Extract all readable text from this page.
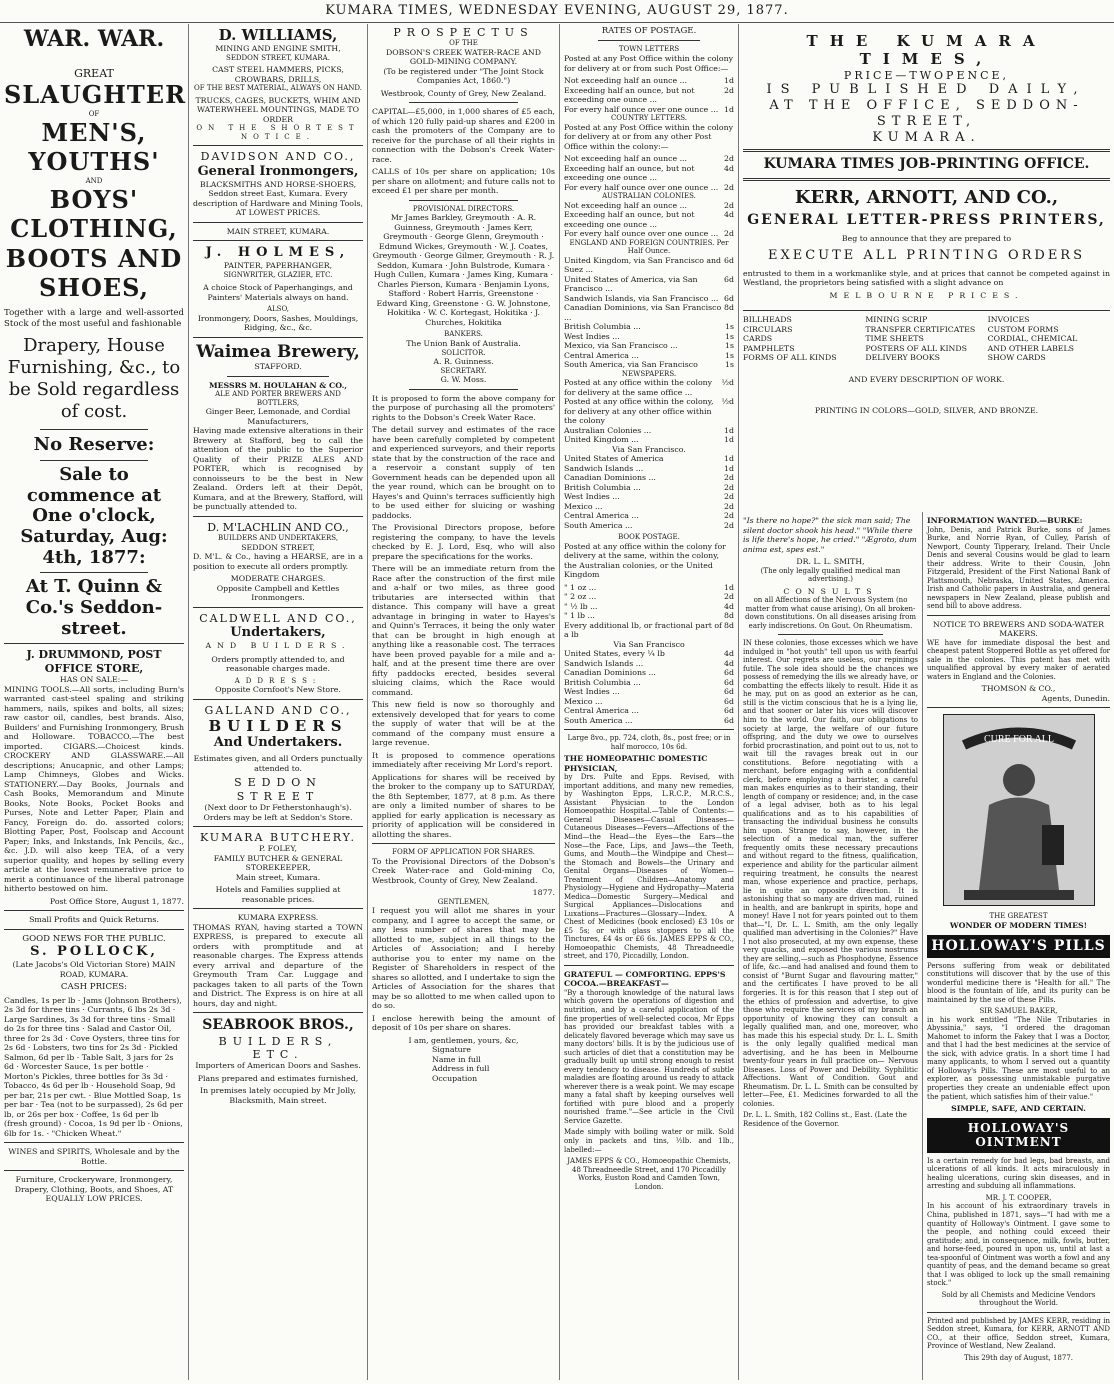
KUMARA TIMES, WEDNESDAY EVENING, AUGUST 29, 1877.
WAR. WAR.
GREAT
SLAUGHTER
OF
MEN'S,
YOUTHS'
AND
BOYS'
CLOTHING,
BOOTS AND
SHOES,

Together with a large and well-assorted Stock of the most useful and fashionable

Drapery, House Furnishing, &c., to be Sold regardless of cost.
No Reserve:
Sale to commence at One o'clock, Saturday, Aug: 4th, 1877:
At T. Quinn & Co.'s Seddon-street.
J. DRUMMOND, POST OFFICE STORE,
HAS ON SALE:—

MINING TOOLS.—All sorts, including Burn's warranted cast-steel spaling and striking hammers, nails, spikes and bolts, all sizes; raw castor oil, candles, best brands. Also, Builders' and Furnishing Ironmongery, Brush and Holloware. TOBACCO.—The best imported. CIGARS.—Choicest kinds. CROCKERY AND GLASSWARE.—All descriptions; Anucapnic, and other Lamps; Lamp Chimneys, Globes and Wicks. STATIONERY.—Day Books, Journals and Cash Books, Memorandum and Minute Books, Note Books, Pocket Books and Purses, Note and Letter Paper, Plain and Fancy, Foreign do. do. assorted colors; Blotting Paper, Post, Foolscap and Account Paper; Inks, and Inkstands, Ink Pencils, &c., &c. J.D. will also keep TEA, of a very superior quality, and hopes by selling every article at the lowest remunerative price to merit a continuance of the liberal patronage hitherto bestowed on him.

Post Office Store, August 1, 1877.

Small Profits and Quick Returns.
GOOD NEWS FOR THE PUBLIC.
S. POLLOCK,
(Late Jacobs's Old Victorian Store) MAIN ROAD, KUMARA.
CASH PRICES:

Candles, 1s per lb · Jams (Johnson Brothers), 2s 3d for three tins · Currants, 6 lbs 2s 3d · Large Sardines, 3s 3d for three tins · Small do 2s for three tins · Salad and Castor Oil, three for 2s 3d · Cove Oysters, three tins for 2s 6d · Lobsters, two tins for 2s 3d · Pickled Salmon, 6d per lb · Table Salt, 3 jars for 2s 6d · Worcester Sauce, 1s per bottle · Morton's Pickles, three bottles for 3s 3d · Tobacco, 4s 6d per lb · Household Soap, 9d per bar, 21s per cwt. · Blue Mottled Soap, 1s per bar · Tea (not to be surpassed), 2s 6d per lb, or 26s per box · Coffee, 1s 6d per lb (fresh ground) · Cocoa, 1s 9d per lb · Onions, 6lb for 1s. · "Chicken Wheat."

WINES and SPIRITS, Wholesale and by the Bottle.
Furniture, Crockeryware, Ironmongery, Drapery, Clothing, Boots, and Shoes, AT EQUALLY LOW PRICES.
D. WILLIAMS,
MINING AND ENGINE SMITH,
SEDDON STREET, KUMARA.
CAST STEEL HAMMERS, PICKS, CROWBARS, DRILLS,
OF THE BEST MATERIAL, ALWAYS ON HAND.
TRUCKS, CAGES, BUCKETS, WHIM AND WATERWHEEL MOUNTINGS, MADE TO ORDER
ON THE SHORTEST NOTICE.
DAVIDSON AND CO.,
General Ironmongers,
BLACKSMITHS AND HORSE-SHOERS,
Seddon street East, Kumara. Every description of Hardware and Mining Tools,
AT LOWEST PRICES.
MAIN STREET, KUMARA.
J. HOLMES,
PAINTER, PAPERHANGER,
SIGNWRITER, GLAZIER, ETC.

A choice Stock of Paperhangings, and Painters' Materials always on hand.

ALSO,

Ironmongery, Doors, Sashes, Mouldings, Ridging, &c., &c.

Waimea Brewery,
STAFFORD.
MESSRS M. HOULAHAN & CO.,
ALE AND PORTER BREWERS AND BOTTLERS,
Ginger Beer, Lemonade, and Cordial Manufacturers,

Having made extensive alterations in their Brewery at Stafford, beg to call the attention of the public to the Superior Quality of their PRIZE ALES AND PORTER, which is recognised by connoisseurs to be the best in New Zealand. Orders left at their Depôt, Kumara, and at the Brewery, Stafford, will be punctually attended to.

D. M'LACHLIN AND CO.,
BUILDERS AND UNDERTAKERS,
SEDDON STREET,

D. M'L. & Co., having a HEARSE, are in a position to execute all orders promptly.

MODERATE CHARGES.

Opposite Campbell and Kettles Ironmongers.

CALDWELL AND CO.,
Undertakers,
AND BUILDERS.

Orders promptly attended to, and reasonable charges made.

ADDRESS:
Opposite Cornfoot's New Store.
GALLAND AND CO.,
BUILDERS
And Undertakers.

Estimates given, and all Orders punctually attended to.

SEDDON STREET
(Next door to Dr Fetherstonhaugh's).
Orders may be left at Seddon's Store.
KUMARA BUTCHERY.
P. FOLEY,
FAMILY BUTCHER & GENERAL STOREKEEPER,
Main street, Kumara.

Hotels and Families supplied at reasonable prices.

KUMARA EXPRESS.

THOMAS RYAN, having started a TOWN EXPRESS, is prepared to execute all orders with promptitude and at reasonable charges. The Express attends every arrival and departure of the Greymouth Tram Car. Luggage and packages taken to all parts of the Town and District. The Express is on hire at all hours, day and night.

SEABROOK BROS.,
BUILDERS, ETC.
Importers of American Doors and Sashes.
Plans prepared and estimates furnished,
In premises lately occupied by Mr Jolly, Blacksmith, Main street.
PROSPECTUS
OF THE
DOBSON'S CREEK WATER-RACE AND GOLD-MINING COMPANY.

(To be registered under "The Joint Stock Companies Act, 1860.")

Westbrook, County of Grey, New Zealand.

CAPITAL—£5,000, in 1,000 shares of £5 each, of which 120 fully paid-up shares and £200 in cash the promoters of the Company are to receive for the purchase of all their rights in connection with the Dobson's Creek Water-race.

CALLS of 10s per share on application; 10s per share on allotment; and future calls not to exceed £1 per share per month.

PROVISIONAL DIRECTORS.

Mr James Barkley, Greymouth · A. R. Guinness, Greymouth · James Kerr, Greymouth · George Glenn, Greymouth · Edmund Wickes, Greymouth · W. J. Coates, Greymouth · George Gilmer, Greymouth · R. J. Seddon, Kumara · John Bulstrode, Kumara · Hugh Cullen, Kumara · James King, Kumara · Charles Pierson, Kumara · Benjamin Lyons, Stafford · Robert Harris, Greenstone · Edward King, Greenstone · G. W. Johnstone, Hokitika · W. C. Kortegast, Hokitika · J. Churches, Hokitika

BANKERS.
The Union Bank of Australia.
SOLICITOR.
A. R. Guinness.
SECRETARY.
G. W. Moss.

It is proposed to form the above company for the purpose of purchasing all the promoters' rights to the Dobson's Creek Water Race.

The detail survey and estimates of the race have been carefully completed by competent and experienced surveyors, and their reports state that by the construction of the race and a reservoir a constant supply of ten Government heads can be depended upon all the year round, which can be brought on to Hayes's and Quinn's terraces sufficiently high to be used either for sluicing or washing paddocks.

The Provisional Directors propose, before registering the company, to have the levels checked by E. J. Lord, Esq, who will also prepare the specifications for the works.

There will be an immediate return from the Race after the construction of the first mile and a-half or two miles, as three good tributaries are intersected within that distance. This company will have a great advantage in bringing in water to Hayes's and Quinn's Terraces, it being the only water that can be brought in high enough at anything like a reasonable cost. The terraces have been proved payable for a mile and a-half, and at the present time there are over fifty paddocks erected, besides several sluicing claims, which the Race would command.

This new field is now so thoroughly and extensively developed that for years to come the supply of water that will be at the command of the company must ensure a large revenue.

It is proposed to commence operations immediately after receiving Mr Lord's report.

Applications for shares will be received by the broker to the company up to SATURDAY, the 8th September, 1877, at 8 p.m. As there are only a limited number of shares to be applied for early application is necessary as priority of application will be considered in allotting the shares.

FORM OF APPLICATION FOR SHARES.

To the Provisional Directors of the Dobson's Creek Water-race and Gold-mining Co, Westbrook, County of Grey, New Zealand.

1877.
GENTLEMEN,

I request you will allot me shares in your company, and I agree to accept the same, or any less number of shares that may be allotted to me, subject in all things to the Articles of Association; and I hereby authorise you to enter my name on the Register of Shareholders in respect of the shares so allotted, and I undertake to sign the Articles of Association for the shares that may be so allotted to me when called upon to do so.

I enclose herewith being the amount of deposit of 10s per share on shares.

I am, gentlemen, yours, &c,
Signature
Name in full
Address in full
Occupation
RATES OF POSTAGE.
TOWN LETTERS

Posted at any Post Office within the colony for delivery at or from such Post Office:—

Not exceeding half an ounce ...	1d
Exceeding half an ounce, but not exceeding one ounce ...
2d
For every half ounce over one ounce ... 1d
COUNTRY LETTERS.

Posted at any Post Office within the colony for delivery at or from any other Post Office within the colony:—

Not exceeding half an ounce ...	2d
Exceeding half an ounce, but not exceeding one ounce ...
4d
For every half ounce over one ounce ... 2d
AUSTRALIAN COLONIES.
Not exceeding half an ounce ...	2d
Exceeding half an ounce, but not exceeding one ounce ...
4d
For every half ounce over one ounce ... 2d
ENGLAND AND FOREIGN COUNTRIES. Per Half Ounce.
United Kingdom, via San Francisco and Suez ...
6d
United States of America, via San Francisco ...
6d
Sandwich Islands, via San Francisco ... 6d
Canadian Dominions, via San Francisco ...
8d
British Columbia ...	1s
West Indies ...	1s
Mexico, via San Francisco ...	1s
Central America ...	1s
South America, via San Francisco	1s
NEWSPAPERS.
Posted at any office within the colony for delivery at the same office ...
½d
Posted at any office within the colony, for delivery at any other office within the colony
½d
Australian Colonies ...	1d
United Kingdom ...	1d
Via San Francisco.
United States of America	1d
Sandwich Islands ...	1d
Canadian Dominions ...	2d
British Columbia ...	2d
West Indies ...	2d
Mexico ...	2d
Central America ...	2d
South America ...	2d
BOOK POSTAGE.

Posted at any office within the colony for delivery at the same, within the colony, the Australian colonies, or the United Kingdom

" 1 oz ...	1d
" 2 oz ...	2d
" ½ lb ...	4d
" 1 lb ...	8d
Every additional lb, or fractional part of a lb
8d
Via San Francisco
United States, every ¼ lb	4d
Sandwich Islands ...	4d
Canadian Dominions ...	6d
British Columbia ...	6d
West Indies ...	6d
Mexico ...	6d
Central America ...	6d
South America ...	6d

Large 8vo., pp. 724, cloth, 8s., post free; or in half morocco, 10s 6d.

THE HOMEOPATHIC DOMESTIC PHYSICIAN,

by Drs. Pulte and Epps. Revised, with important additions, and many new remedies, by Washington Epps, L.R.C.P., M.R.C.S., Assistant Physician to the London Homoeopathic Hospital.—Table of Contents:—General Diseases—Casual Diseases—Cutaneous Diseases—Fevers—Affections of the Mind—the Head—the Eyes—the Ears—the Nose—the Face, Lips, and Jaws—the Teeth, Gums, and Mouth—the Windpipe and Chest—the Stomach and Bowels—the Urinary and Genital Organs—Diseases of Women—Treatment of Children—Anatomy and Physiology—Hygiene and Hydropathy—Materia Medica—Domestic Surgery—Medical and Surgical Appliances—Dislocations and Luxations—Fractures—Glossary—Index. A Chest of Medicines (book enclosed) £3 10s or £5 5s; or with glass stoppers to all the Tinctures, £4 4s or £6 6s. JAMES EPPS & CO., Homoeopathic Chemists, 48 Threadneedle street, and 170, Piccadilly, London.

GRATEFUL — COMFORTING. EPPS'S COCOA.—BREAKFAST—

"By a thorough knowledge of the natural laws which govern the operations of digestion and nutrition, and by a careful application of the fine properties of well-selected cocoa, Mr Epps has provided our breakfast tables with a delicately flavored beverage which may save us many doctors' bills. It is by the judicious use of such articles of diet that a constitution may be gradually built up until strong enough to resist every tendency to disease. Hundreds of subtle maladies are floating around us ready to attack wherever there is a weak point. We may escape many a fatal shaft by keeping ourselves well fortified with pure blood and a properly nourished frame."—See article in the Civil Service Gazette.

Made simply with boiling water or milk. Sold only in packets and tins, ½lb. and 1lb., labelled:—

JAMES EPPS & CO., Homoeopathic Chemists, 48 Threadneedle Street, and 170 Piccadilly Works, Euston Road and Camden Town, London.

THE KUMARA TIMES,
PRICE—TWOPENCE,
IS PUBLISHED DAILY,
AT THE OFFICE, SEDDON-STREET,
KUMARA.
KUMARA TIMES JOB-PRINTING OFFICE.
KERR, ARNOTT, AND CO.,
GENERAL LETTER-PRESS PRINTERS,
Beg to announce that they are prepared to
EXECUTE ALL PRINTING ORDERS

entrusted to them in a workmanlike style, and at prices that cannot be competed against in Westland, the proprietors being satisfied with a slight advance on

MELBOURNE PRICES.
BILLHEADS	MINING SCRIP	INVOICES
CIRCULARS	TRANSFER CERTIFICATES	CUSTOM FORMS
CARDS	TIME SHEETS	CORDIAL, CHEMICAL
PAMPHLETS	POSTERS OF ALL KINDS	AND OTHER LABELS
FORMS OF ALL KINDS	DELIVERY BOOKS	SHOW CARDS
AND EVERY DESCRIPTION OF WORK.
PRINTING IN COLORS—GOLD, SILVER, AND BRONZE.

"Is there no hope?" the sick man said; The silent doctor shook his head." "While there is life there's hope, he cried." "Ægroto, dum anima est, spes est."

DR. L. L. SMITH,
(The only legally qualified medical man advertising.)
CONSULTS

on all Affections of the Nervous System (no matter from what cause arising), On all broken-down constitutions. On all diseases arising from early indiscretions. On Gout. On Rheumatism.

IN these colonies, those excesses which we have indulged in "hot youth" tell upon us with fearful interest. Our regrets are useless, our repinings futile. The sole idea should be the chances we possess of remedying the ills we already have, or combatting the effects likely to result. Hide it as he may, put on as good an exterior as he can, still is the victim conscious that he is a lying lie, and that sooner or later his vices will discover him to the world. Our faith, our obligations to society at large, the welfare of our future offspring, and the duty we owe to ourselves forbid procrastination, and point out to us, not to wait till the ravages break out in our constitutions. Before negotiating with a merchant, before engaging with a confidential clerk, before employing a barrister, a careful man makes enquiries as to their standing, their length of company or residence; and, in the case of a legal adviser, both as to his legal qualifications and as to his capabilities of transacting the individual business he consults him upon. Strange to say, however, in the selection of a medical man, the sufferer frequently omits these necessary precautions and without regard to the fitness, qualification, experience and ability for the particular ailment requiring treatment, he consults the nearest man, whose experience and practice, perhaps, lie in quite an opposite direction. It is astonishing that so many are driven mad, ruined in health, and are bankrupt in spirits, hope and money! Have I not for years pointed out to them that—"I, Dr. L. L. Smith, am the only legally qualified man advertising in the Colonies?" Have I not also prosecuted, at my own expense, these very quacks, and exposed the various nostrums they are selling,—such as Phosphodyne, Essence of life, &c.—and had analised and found them to consist of "Burnt Sugar and flavouring matter," and the certificates I have proved to be all forgeries. It is for this reason that I step out of the ethics of profession and advertise, to give those who require the services of my branch an opportunity of knowing they can consult a legally qualified man, and one, moreover, who has made this his especial study. Dr. L. L. Smith is the only legally qualified medical man advertising, and he has been in Melbourne twenty-four years in full practice on— Nervous Diseases. Loss of Power and Debility. Syphilitic Affections. Want of Condition. Gout and Rheumatism. Dr. L. L. Smith can be consulted by letter—Fee, £1. Medicines forwarded to all the colonies.

Dr. L. L. Smith, 182 Collins st., East. (Late the Residence of the Governor.

INFORMATION WANTED.—BURKE:

John, Denis, and Patrick Burke, sons of James Burke, and Norrie Ryan, of Culley, Parish of Newport, County Tipperary, Ireland. Their Uncle Denis and several Cousins would be glad to learn their address. Write to their Cousin, John Fitzgerald, President of the First National Bank of Plattsmouth, Nebraska, United States, America. Irish and Catholic papers in Australia, and general newspapers in New Zealand, please publish and send bill to above address.

NOTICE TO BREWERS AND SODA-WATER MAKERS.

WE have for immediate disposal the best and cheapest patent Stoppered Bottle as yet offered for sale in the colonies. This patent has met with unqualified approval by every maker of aerated waters in England and the Colonies.

THOMSON & CO.,
Agents, Dunedin.
CURE FOR ALL
THE GREATEST
WONDER OF MODERN TIMES!
HOLLOWAY'S PILLS

Persons suffering from weak or debilitated constitutions will discover that by the use of this wonderful medicine there is "Health for all." The blood is the fountain of life, and its purity can be maintained by the use of these Pills.

SIR SAMUEL BAKER,

in his work entitled "The Nile Tributaries in Abyssinia," says, "I ordered the dragoman Mahomet to inform the Fakey that I was a Doctor, and that I had the best medicines at the service of the sick, with advice gratis. In a short time I had many applicants, to whom I served out a quantity of Holloway's Pills. These are most useful to an explorer, as possessing unmistakable purgative properties they create an undeniable effect upon the patient, which satisfies him of their value."

SIMPLE, SAFE, AND CERTAIN.
HOLLOWAY'S OINTMENT

Is a certain remedy for bad legs, bad breasts, and ulcerations of all kinds. It acts miraculously in healing ulcerations, curing skin diseases, and in arresting and subduing all inflammations.

MR. J. T. COOPER,

In his account of his extraordinary travels in China, published in 1871, says—"I had with me a quantity of Holloway's Ointment. I gave some to the people, and nothing could exceed their gratitude; and, in consequence, milk, fowls, butter, and horse-feed, poured in upon us, until at last a tea-spoonful of Ointment was worth a fowl and any quantity of peas, and the demand became so great that I was obliged to lock up the small remaining stock."

Sold by all Chemists and Medicine Vendors throughout the World.

Printed and published by JAMES KERR, residing in Seddon street, Kumara, for KERR, ARNOTT AND CO., at their office, Seddon street, Kumara, Province of Westland, New Zealand.

This 29th day of August, 1877.
